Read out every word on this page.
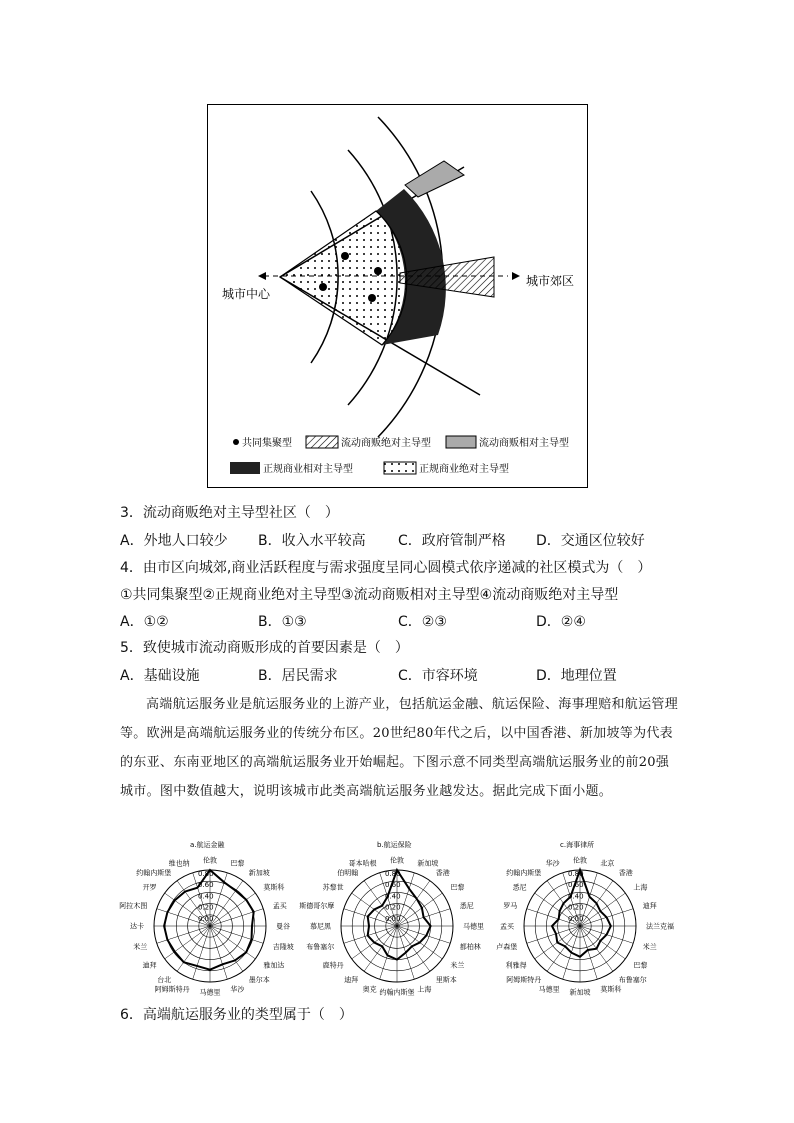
城市中心
城市郊区
共同集聚型	流动商贩绝对主导型	流动商贩相对主导型
正规商业相对主导型	正规商业绝对主导型
3．流动商贩绝对主导型社区（　）
A．外地人口较少 B．收入水平较高 C．政府管制严格 D．交通区位较好
4．由市区向城郊,商业活跃程度与需求强度呈同心圆模式依序递减的社区模式为（　）
①共同集聚型②正规商业绝对主导型③流动商贩相对主导型④流动商贩绝对主导型
A．①②	B．①③	C．②③	D．②④
5．致使城市流动商贩形成的首要因素是（　）
A．基础设施	B．居民需求	C．市容环境	D．地理位置

高端航运服务业是航运服务业的上游产业，包括航运金融、航运保险、海事理赔和航运管理等。欧洲是高端航运服务业的传统分布区。20世纪80年代之后，以中国香港、新加坡等为代表的东亚、东南亚地区的高端航运服务业开始崛起。下图示意不同类型高端航运服务业的前20强城市。图中数值越大，说明该城市此类高端航运服务业越发达。据此完成下面小题。

a.航运金融
伦敦 巴黎
新加坡
莫斯科
孟买
曼谷
吉隆坡
雅加达
墨尔本
华沙
马德里
阿姆斯特丹
台北
迪拜
米兰
达卡
阿拉木图
开罗
约翰内斯堡
维也纳
0.80
0.60
0.40
0.20
0.00
b.航运保险
伦敦 新加坡
香港
巴黎
悉尼
马德里
都柏林
米兰
里斯本
上海
约翰内斯堡
奥克
迪拜
鹿特丹
布鲁塞尔
慕尼黑
斯德哥尔摩
苏黎世
伯明翰
哥本哈根
0.80
0.60
0.40
0.20
0.00
c.海事律所
伦敦 北京
香港
上海
迪拜
法兰克福
米兰
巴黎
布鲁塞尔
莫斯科
新加坡
马德里
阿姆斯特丹
利雅得
卢森堡
孟买
罗马
悉尼
约翰内斯堡
华沙
0.80
0.60
0.40
0.20
0.00
6．高端航运服务业的类型属于（　）
